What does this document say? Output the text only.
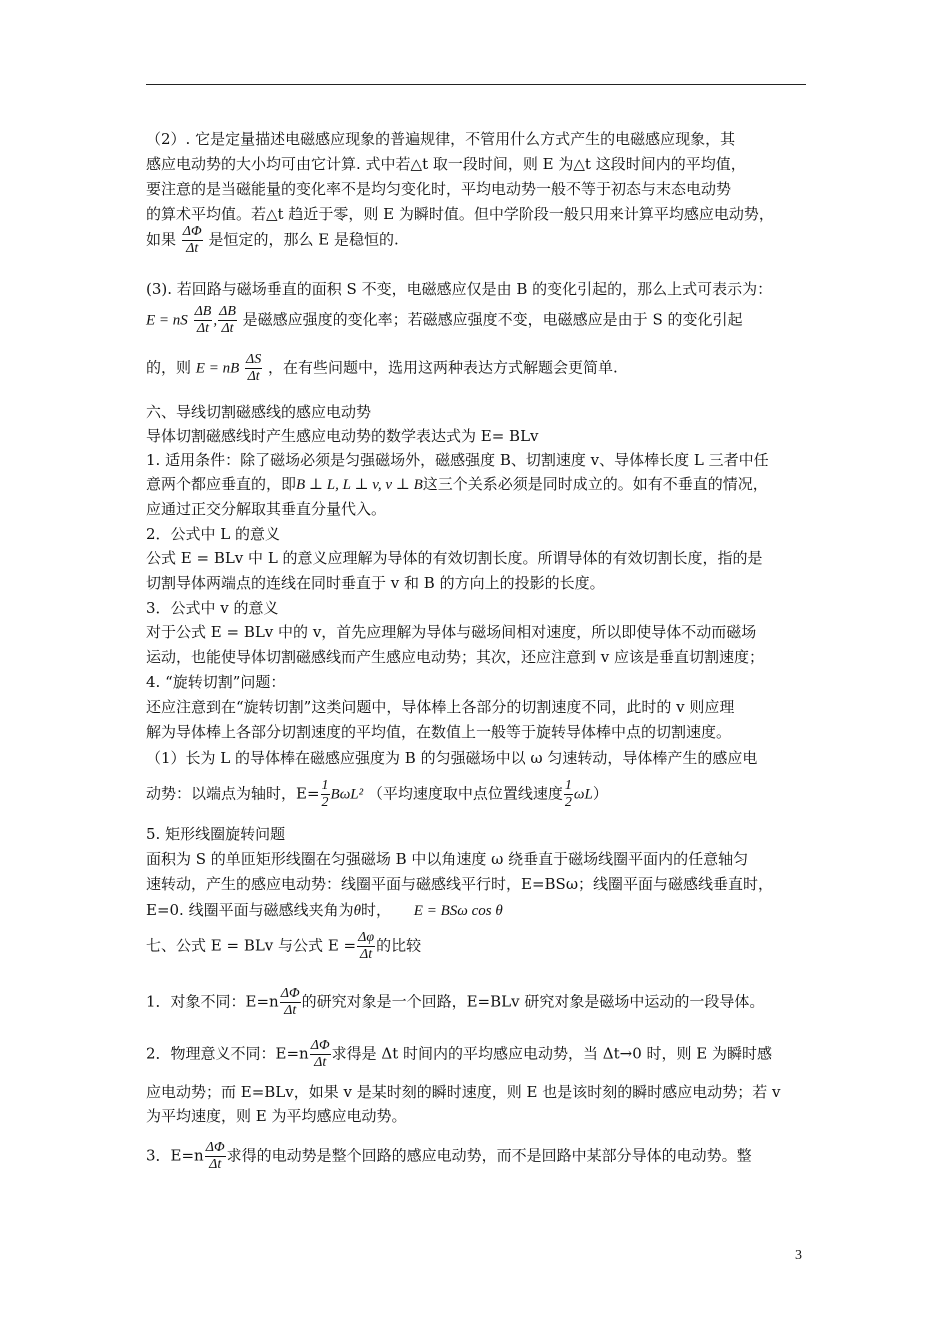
（2）. 它是定量描述电磁感应现象的普遍规律，不管用什么方式产生的电磁感应现象，其
感应电动势的大小均可由它计算. 式中若△t 取一段时间，则 E 为△t 这段时间内的平均值，
要注意的是当磁能量的变化率不是均匀变化时，平均电动势一般不等于初态与末态电动势
的算术平均值。若△t 趋近于零，则 E 为瞬时值。但中学阶段一般只用来计算平均感应电动势，
如果 $\frac{\Delta\Phi}{\Delta t}$ 是恒定的，那么 E 是稳恒的.
(3). 若回路与磁场垂直的面积 S 不变，电磁感应仅是由 B 的变化引起的，那么上式可表示为：
E = nS $\frac{\Delta B}{\Delta t}$ , $\frac{\Delta B}{\Delta t}$ 是磁感应强度的变化率；若磁感应强度不变，电磁感应是由于 S 的变化引起
的，则 E = nB $\frac{\Delta S}{\Delta t}$ ，在有些问题中，选用这两种表达方式解题会更简单.
六、导线切割磁感线的感应电动势
导体切割磁感线时产生感应电动势的数学表达式为 E= BLv
1. 适用条件：除了磁场必须是匀强磁场外，磁感强度 B、切割速度 v、导体棒长度 L 三者中任
意两个都应垂直的，即B ⊥ L, L ⊥ v, v ⊥ B这三个关系必须是同时成立的。如有不垂直的情况，
应通过正交分解取其垂直分量代入。
2．公式中 L 的意义
公式 E = BLv 中 L 的意义应理解为导体的有效切割长度。所谓导体的有效切割长度，指的是
切割导体两端点的连线在同时垂直于 v 和 B 的方向上的投影的长度。
3．公式中 v 的意义
对于公式 E = BLv 中的 v，首先应理解为导体与磁场间相对速度，所以即使导体不动而磁场
运动，也能使导体切割磁感线而产生感应电动势；其次，还应注意到 v 应该是垂直切割速度；
4. “旋转切割”问题：
还应注意到在“旋转切割”这类问题中，导体棒上各部分的切割速度不同，此时的 v 则应理
解为导体棒上各部分切割速度的平均值，在数值上一般等于旋转导体棒中点的切割速度。
（1）长为 L 的导体棒在磁感应强度为 B 的匀强磁场中以 ω 匀速转动，导体棒产生的感应电
动势：以端点为轴时，$E= \frac{1}{2} B\omega L^2$ （平均速度取中点位置线速度 $\frac{1}{2} \omega L$）
5. 矩形线圈旋转问题
面积为 S 的单匝矩形线圈在匀强磁场 B 中以角速度 ω 绕垂直于磁场线圈平面内的任意轴匀
速转动，产生的感应电动势：线圈平面与磁感线平行时，E=BSω；线圈平面与磁感线垂直时，
E=0. 线圈平面与磁感线夹角为θ时， E = BSω cos θ
七、公式 E = BLv 与公式 $E = \frac{\Delta\varphi}{\Delta t}$ 的比较
1．对象不同：$E=n \frac{\Delta\Phi}{\Delta t}$ 的研究对象是一个回路，E=BLv 研究对象是磁场中运动的一段导体。
2．物理意义不同：$E=n \frac{\Delta\Phi}{\Delta t}$ 求得是 Δt 时间内的平均感应电动势，当 Δt→0 时，则 E 为瞬时感
应电动势；而 E=BLv，如果 v 是某时刻的瞬时速度，则 E 也是该时刻的瞬时感应电动势；若 v
为平均速度，则 E 为平均感应电动势。
3．$E=n \frac{\Delta\Phi}{\Delta t}$ 求得的电动势是整个回路的感应电动势，而不是回路中某部分导体的电动势。整
3
